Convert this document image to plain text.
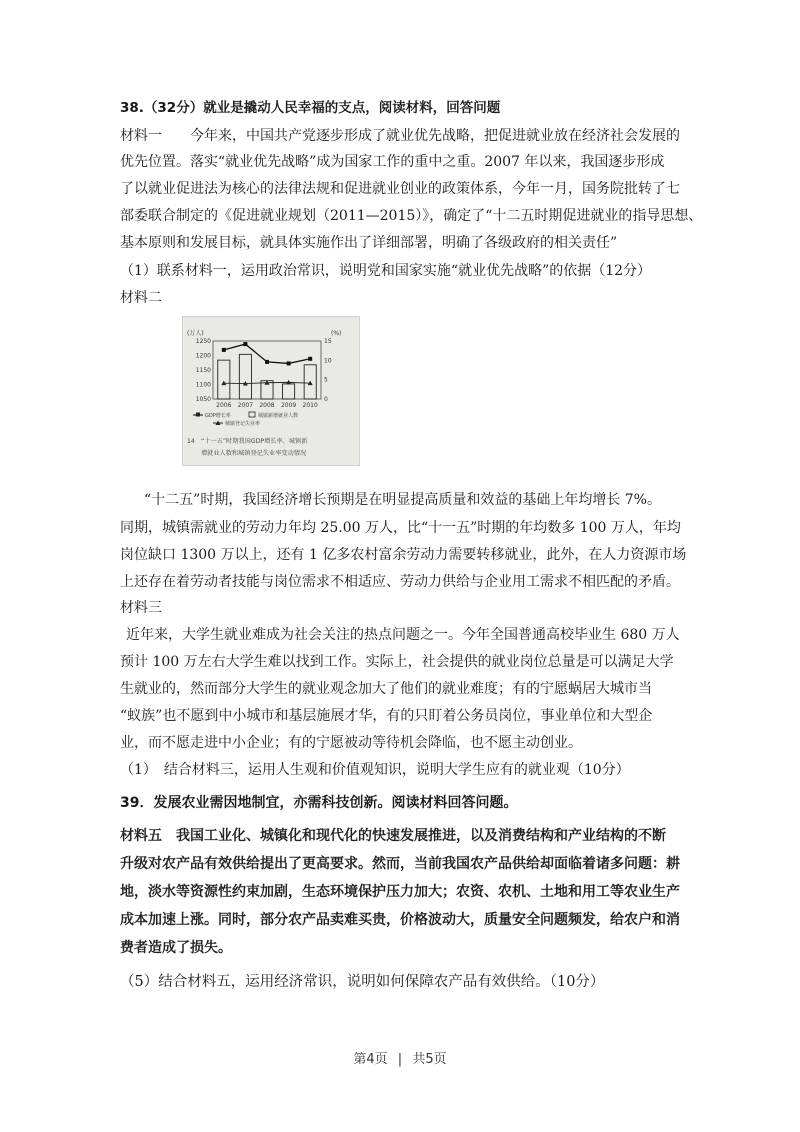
38.（32分）就业是撬动人民幸福的支点，阅读材料，回答问题
材料一　　今年来，中国共产党逐步形成了就业优先战略，把促进就业放在经济社会发展的
优先位置。落实“就业优先战略”成为国家工作的重中之重。2007 年以来，我国逐步形成
了以就业促进法为核心的法律法规和促进就业创业的政策体系，今年一月，国务院批转了七
部委联合制定的《促进就业规划（2011—2015）》，确定了“十二五时期促进就业的指导思想、
基本原则和发展目标，就具体实施作出了详细部署，明确了各级政府的相关责任”
（1）联系材料一，运用政治常识，说明党和国家实施“就业优先战略”的依据（12分）
材料二
(万人)	(%)
1250
1200
1150
1100
1050
15
10
5
0
2006 2007 2008 2009 2010
GDP增长率	城镇新增就业人数
城镇登记失业率
14　“十一五”时期我国GDP增长率、城镇新
增就业人数和城镇登记失业率变动情况
“十二五”时期，我国经济增长预期是在明显提高质量和效益的基础上年均增长 7%。
同期，城镇需就业的劳动力年均 25.00 万人，比“十一五”时期的年均数多 100 万人，年均
岗位缺口 1300 万以上，还有 1 亿多农村富余劳动力需要转移就业，此外，在人力资源市场
上还存在着劳动者技能与岗位需求不相适应、劳动力供给与企业用工需求不相匹配的矛盾。
材料三
近年来，大学生就业难成为社会关注的热点问题之一。今年全国普通高校毕业生 680 万人
预计 100 万左右大学生难以找到工作。实际上，社会提供的就业岗位总量是可以满足大学
生就业的，然而部分大学生的就业观念加大了他们的就业难度；有的宁愿蜗居大城市当
“蚁族”也不愿到中小城市和基层施展才华，有的只盯着公务员岗位，事业单位和大型企
业，而不愿走进中小企业；有的宁愿被动等待机会降临，也不愿主动创业。
（1）　结合材料三，运用人生观和价值观知识，说明大学生应有的就业观（10分）
39．发展农业需因地制宜，亦需科技创新。阅读材料回答问题。
材料五　我国工业化、城镇化和现代化的快速发展推进，以及消费结构和产业结构的不断
升级对农产品有效供给提出了更高要求。然而，当前我国农产品供给却面临着诸多问题：耕
地，淡水等资源性约束加剧，生态环境保护压力加大；农资、农机、土地和用工等农业生产
成本加速上涨。同时，部分农产品卖难买贵，价格波动大，质量安全问题频发，给农户和消
费者造成了损失。
（5）结合材料五，运用经济常识，说明如何保障农产品有效供给。（10分）
第4页 | 共5页
